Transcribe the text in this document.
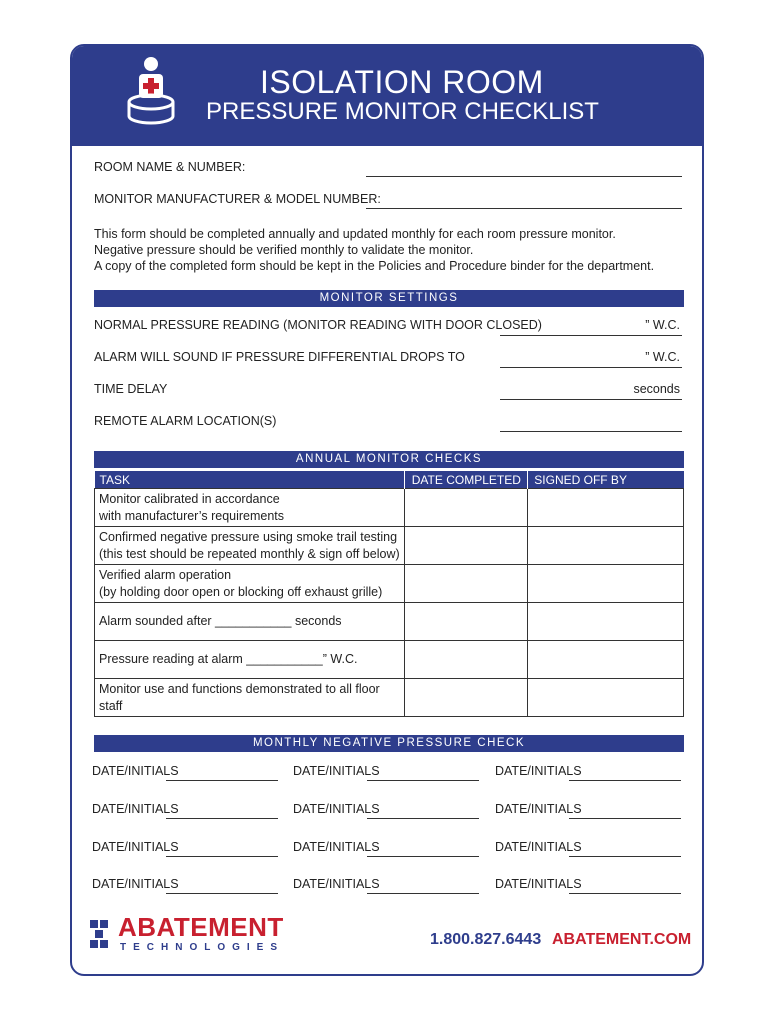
ISOLATION ROOM
PRESSURE MONITOR CHECKLIST
ROOM NAME & NUMBER:
MONITOR MANUFACTURER & MODEL NUMBER:
This form should be completed annually and updated monthly for each room pressure monitor.
Negative pressure should be verified monthly to validate the monitor.
A copy of the completed form should be kept in the Policies and Procedure binder for the department.
MONITOR SETTINGS
NORMAL PRESSURE READING (MONITOR READING WITH DOOR CLOSED)	” W.C.
ALARM WILL SOUND IF PRESSURE DIFFERENTIAL DROPS TO	” W.C.
TIME DELAY	seconds
REMOTE ALARM LOCATION(S)
ANNUAL MONITOR CHECKS
TASK	DATE COMPLETED	SIGNED OFF BY
Monitor calibrated in accordance
with manufacturer’s requirements		
Confirmed negative pressure using smoke trail testing
(this test should be repeated monthly & sign off below)		
Verified alarm operation
(by holding door open or blocking off exhaust grille)		
Alarm sounded after ___________ seconds		
Pressure reading at alarm ___________” W.C.		
Monitor use and functions demonstrated to all floor staff		
MONTHLY NEGATIVE PRESSURE CHECK
DATE/INITIALS	DATE/INITIALS	DATE/INITIALS
DATE/INITIALS	DATE/INITIALS	DATE/INITIALS
DATE/INITIALS	DATE/INITIALS	DATE/INITIALS
DATE/INITIALS	DATE/INITIALS	DATE/INITIALS
ABATEMENT
TECHNOLOGIES	1.800.827.6443 ABATEMENT.COM
